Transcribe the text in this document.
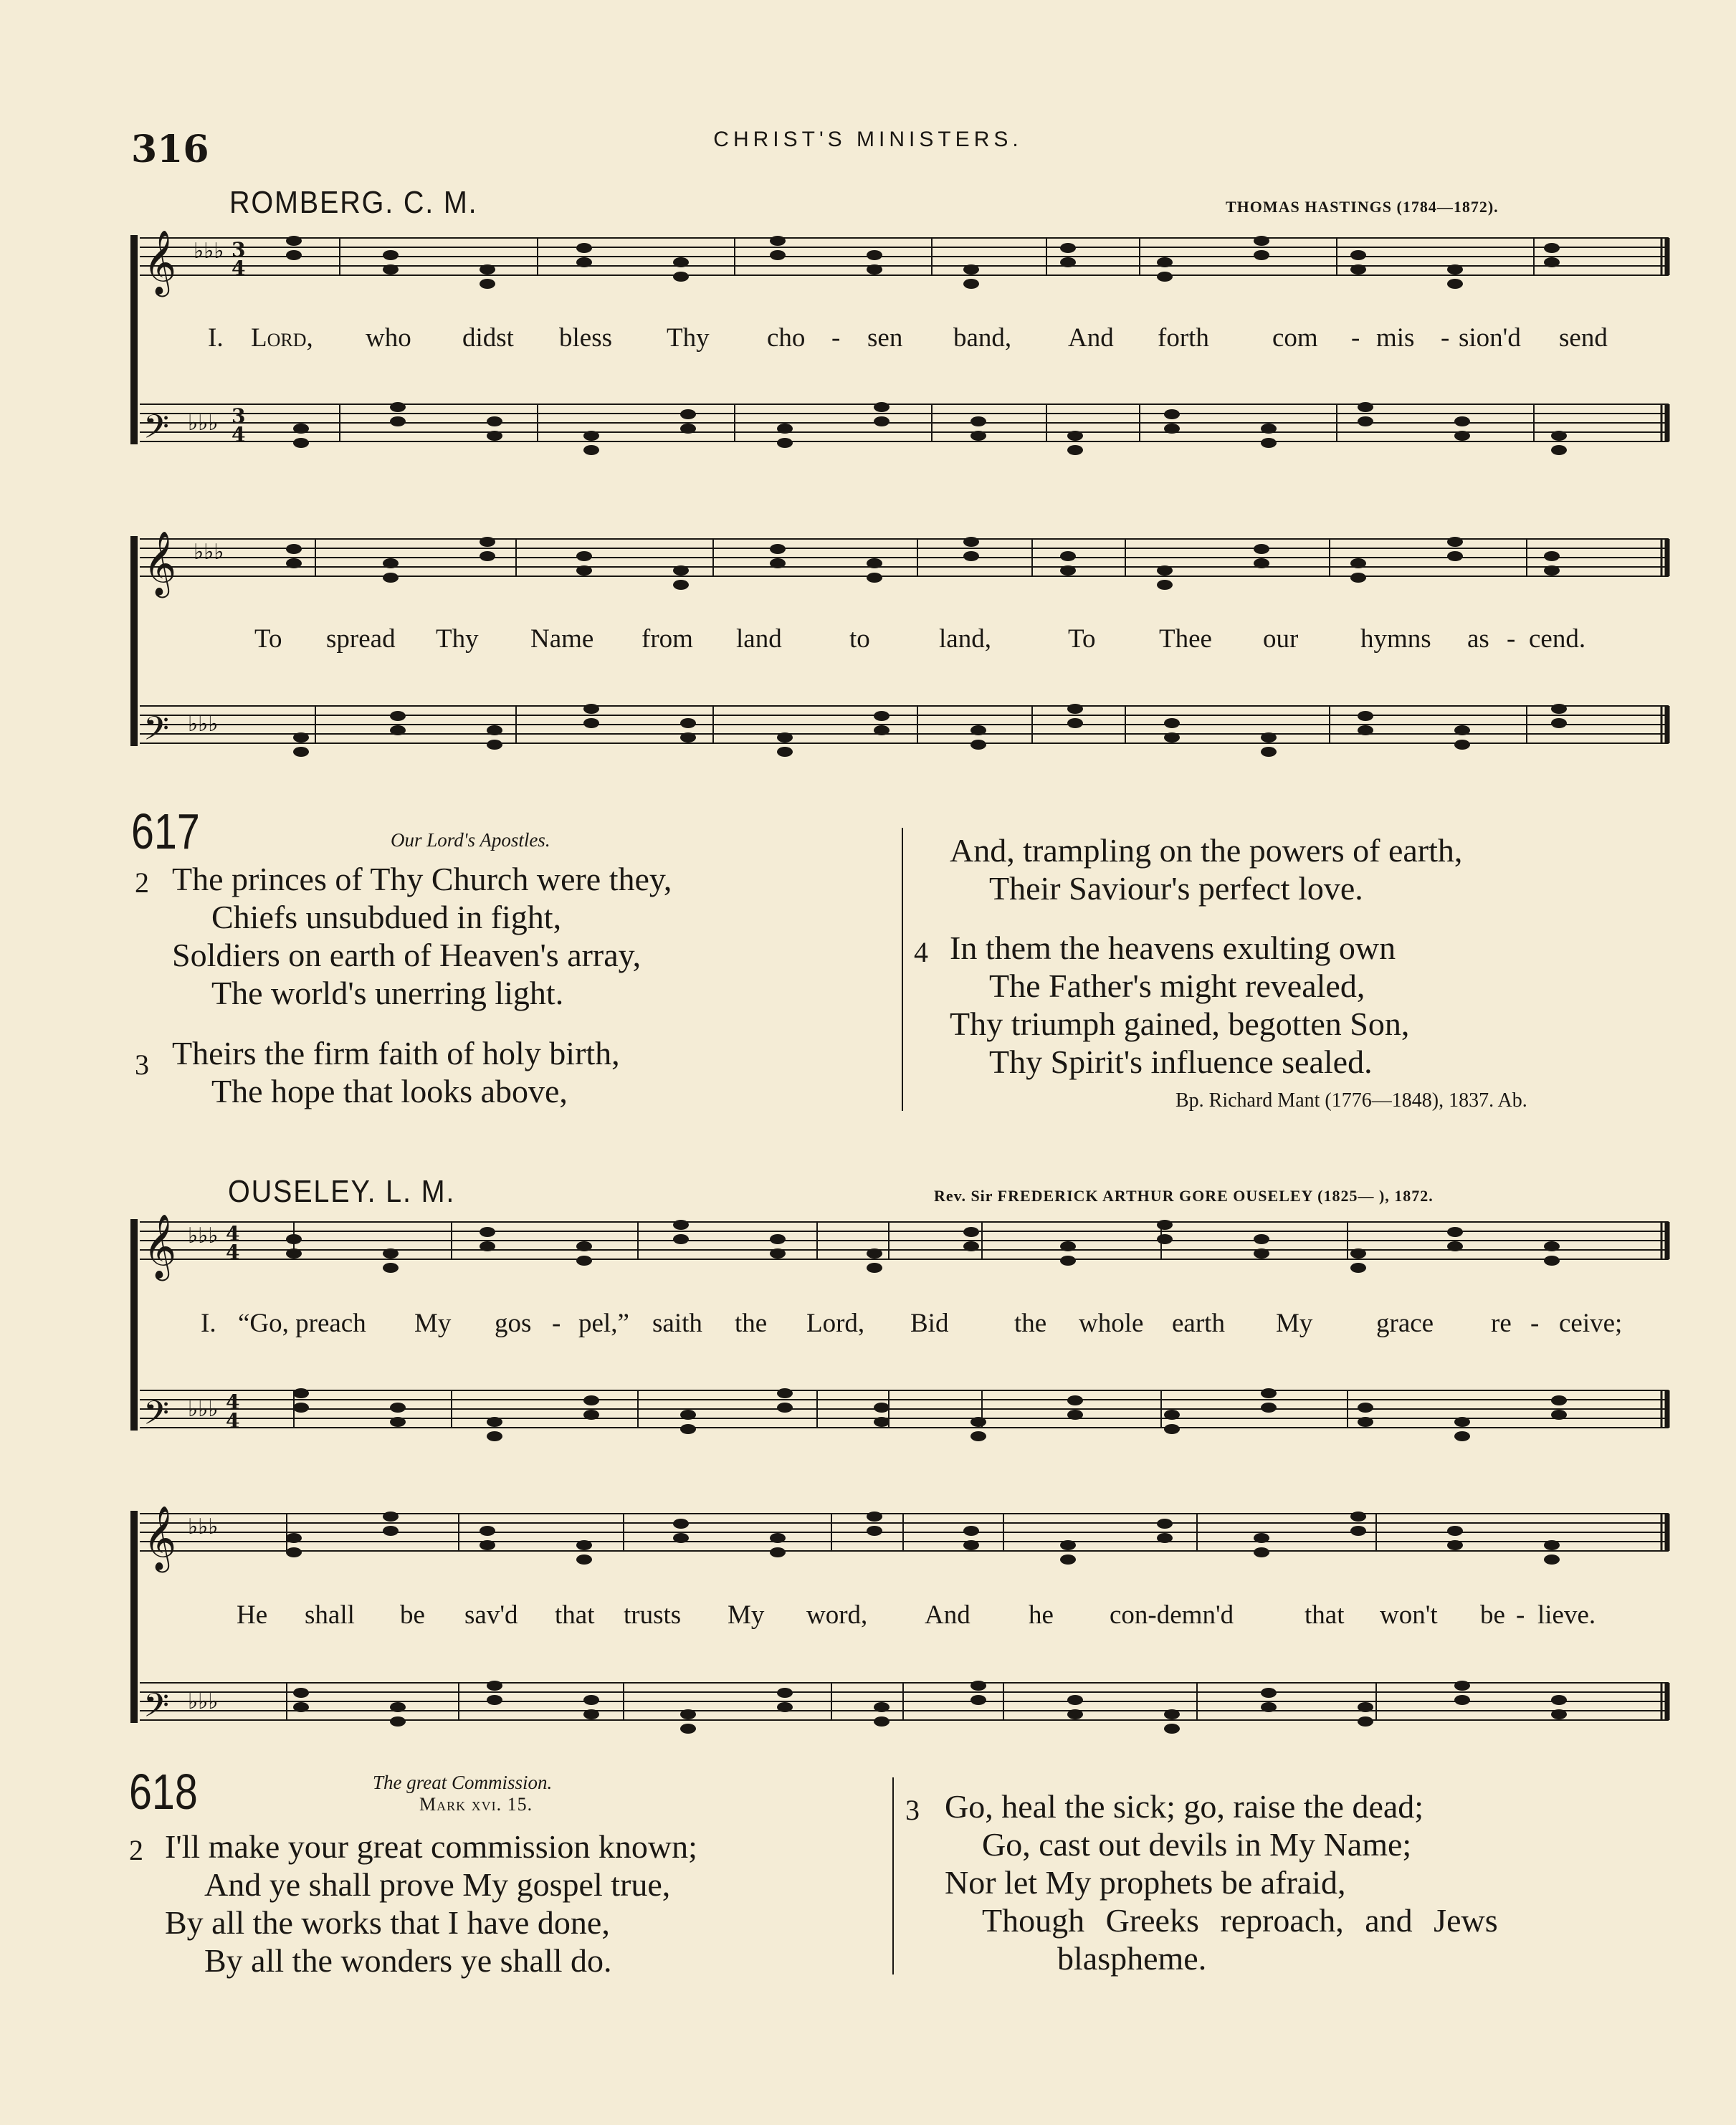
316	CHRIST'S MINISTERS.
ROMBERG. C. M.	THOMAS HASTINGS (1784—1872).
𝄞
𝄞
𝄞
𝄞
𝄢
𝄢
𝄢
𝄢
♭♭♭
♭♭♭
♭♭♭
♭♭♭
♭♭♭
♭♭♭
♭♭♭
♭♭♭
3
4
3
4
4
4
4
4
I. Lord, who didst bless Thy cho - sen band, And forth com - mis - sion'd send
To spread Thy Name from land	to	land,	To Thee our hymns as - cend.
617	Our Lord's Apostles.
2 The princes of Thy Church were they,
Chiefs unsubdued in fight,
Soldiers on earth of Heaven's array,
The world's unerring light.
3 Theirs the firm faith of holy birth,
The hope that looks above,
And, trampling on the powers of earth,
Their Saviour's perfect love.
4 In them the heavens exulting own
The Father's might revealed,
Thy triumph gained, begotten Son,
Thy Spirit's influence sealed.
Bp. Richard Mant (1776—1848), 1837. Ab.
OUSELEY. L. M.	Rev. Sir FREDERICK ARTHUR GORE OUSELEY (1825— ), 1872.
I. “Go, preach My gos - pel,” saith the Lord, Bid the whole earth My grace re - ceive;
He shall be sav'd that trusts My word, And he con-demn'd	that won't be - lieve.
618	The great Commission.
Mark xvi. 15.
2 I'll make your great commission known;
And ye shall prove My gospel true,
By all the works that I have done,
By all the wonders ye shall do.
3 Go, heal the sick; go, raise the dead;
Go, cast out devils in My Name;
Nor let My prophets be afraid,
Though Greeks reproach, and Jews
blaspheme.
